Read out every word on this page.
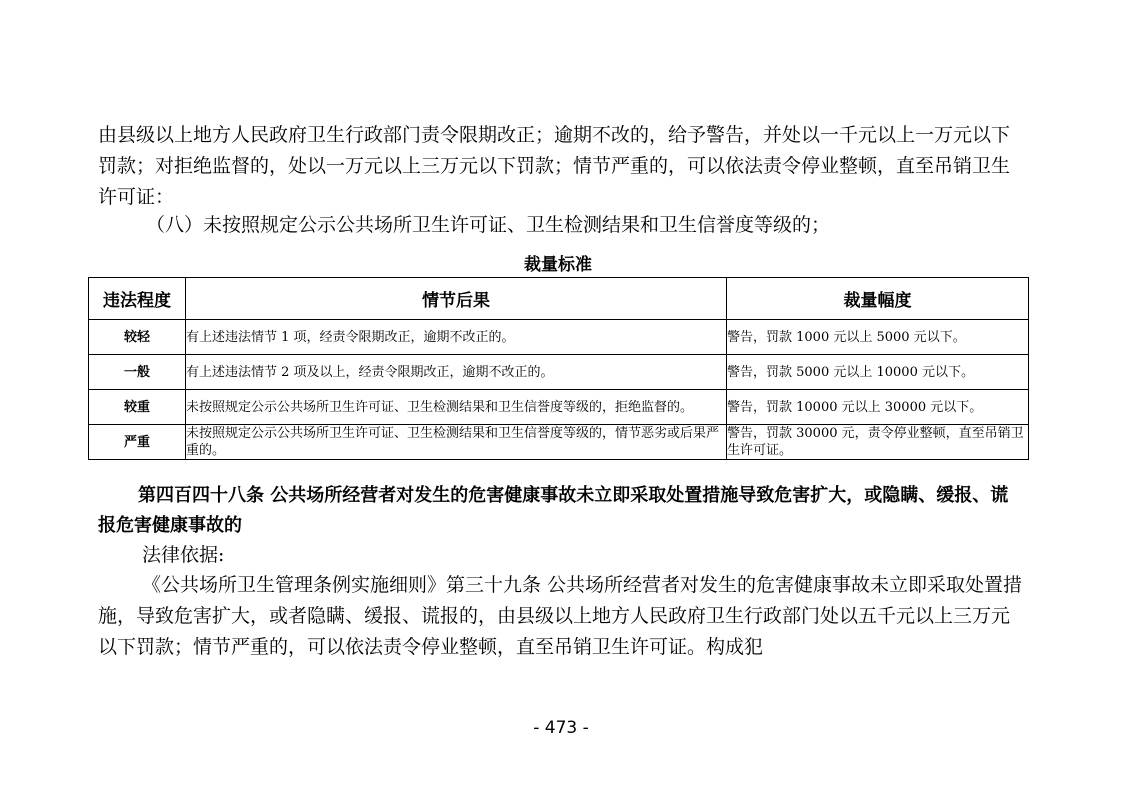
由县级以上地方人民政府卫生行政部门责令限期改正；逾期不改的，给予警告，并处以一千元以上一万元以下罚款；对拒绝监督的，处以一万元以上三万元以下罚款；情节严重的，可以依法责令停业整顿，直至吊销卫生许可证：

（八）未按照规定公示公共场所卫生许可证、卫生检测结果和卫生信誉度等级的；

裁量标准
违法程度	情节后果	裁量幅度
较轻	有上述违法情节 1 项，经责令限期改正，逾期不改正的。	警告，罚款 1000 元以上 5000 元以下。
一般	有上述违法情节 2 项及以上，经责令限期改正，逾期不改正的。	警告，罚款 5000 元以上 10000 元以下。
较重	未按照规定公示公共场所卫生许可证、卫生检测结果和卫生信誉度等级的，拒绝监督的。	警告，罚款 10000 元以上 30000 元以下。
严重	未按照规定公示公共场所卫生许可证、卫生检测结果和卫生信誉度等级的，情节恶劣或后果严重的。	警告，罚款 30000 元，责令停业整顿，直至吊销卫生许可证。

第四百四十八条 公共场所经营者对发生的危害健康事故未立即采取处置措施导致危害扩大，或隐瞒、缓报、谎报危害健康事故的

法律依据:

《公共场所卫生管理条例实施细则》第三十九条 公共场所经营者对发生的危害健康事故未立即采取处置措施，导致危害扩大，或者隐瞒、缓报、谎报的，由县级以上地方人民政府卫生行政部门处以五千元以上三万元以下罚款；情节严重的，可以依法责令停业整顿，直至吊销卫生许可证。构成犯

- 473 -
